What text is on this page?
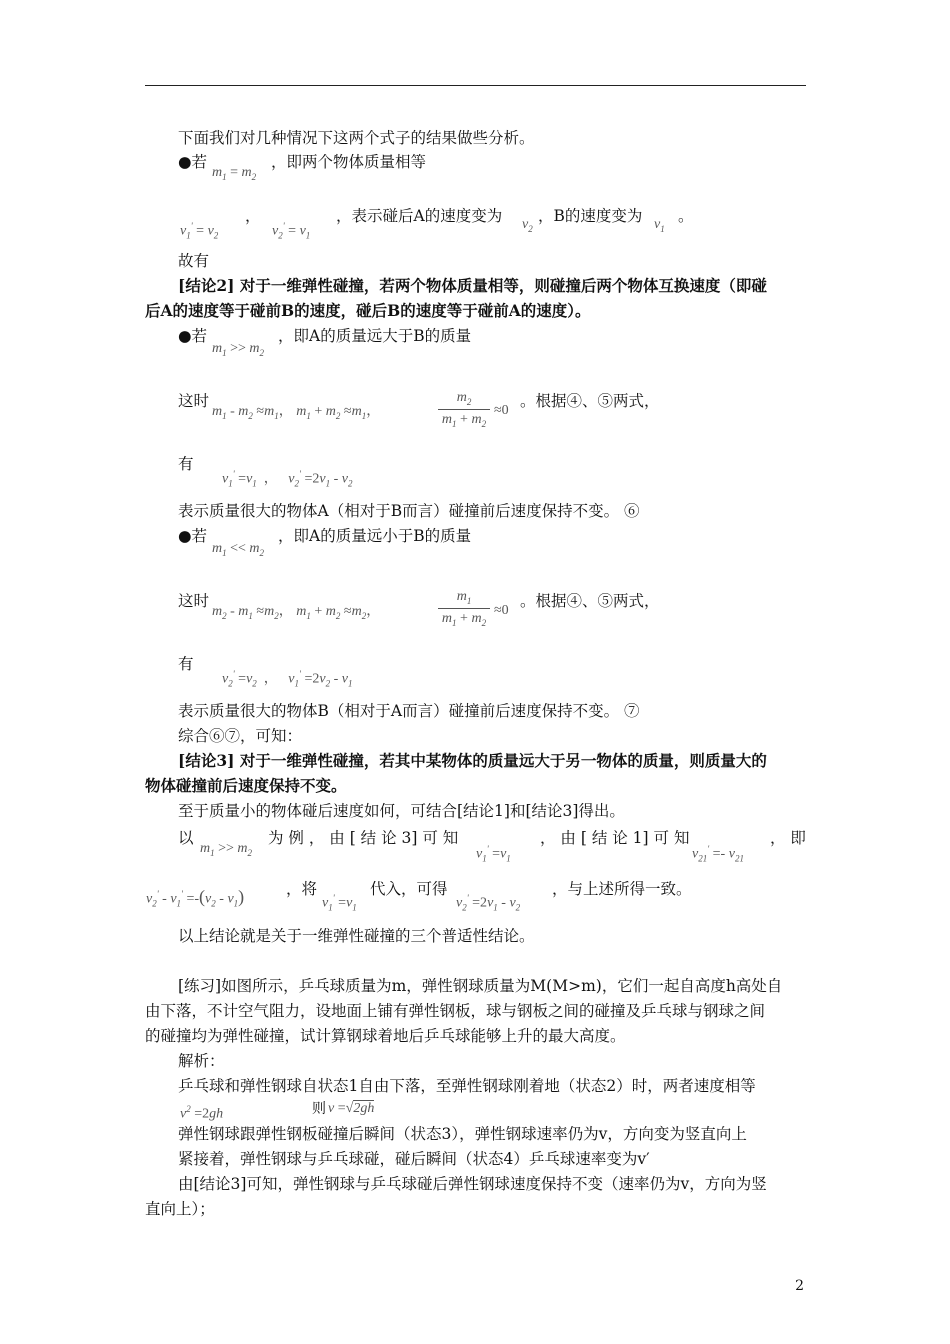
下面我们对几种情况下这两个式子的结果做些分析。
●若
$m_1 = m_2$
，即两个物体质量相等
$v_1' = v_2$
，
$v_2' = v_1$
，表示碰后A的速度变为 $v_2$
，B的速度变为 $v_1$
。
故有
[结论2] 对于一维弹性碰撞，若两个物体质量相等，则碰撞后两个物体互换速度（即碰
后A的速度等于碰前B的速度，碰后B的速度等于碰前A的速度）。
●若
$m_1 >> m_2$
，即A的质量远大于B的质量
这时
$m_1 - m_2 \approx m_1$， $m_1 + m_2 \approx m_1$，
$m_2$
$m_1 + m_2$
≈0
。根据④、⑤两式，
有
$v_1' =v_1$  ，   $v_2' =2v_1 - v_2$
表示质量很大的物体A（相对于B而言）碰撞前后速度保持不变。 ⑥
●若
$m_1 << m_2$
，即A的质量远小于B的质量
这时
$m_2 - m_1 \approx m_2$， $m_1 + m_2 \approx m_2$，
$m_1$
$m_1 + m_2$
≈0
。根据④、⑤两式，
有
$v_2' =v_2$  ，   $v_1' =2v_2 - v_1$
表示质量很大的物体B（相对于A而言）碰撞前后速度保持不变。 ⑦
综合⑥⑦，可知：
[结论3] 对于一维弹性碰撞，若其中某物体的质量远大于另一物体的质量，则质量大的
物体碰撞前后速度保持不变。
至于质量小的物体碰后速度如何，可结合[结论1]和[结论3]得出。
以
$m_1 >> m_2$
为 例 ， 由 [ 结 论 3] 可 知
$v_1' =v_1$
， 由 [ 结 论 1] 可 知
$v_{21}' =- v_{21}$
， 即
$v_2' - v_1' =-(v_2 - v_1)$	，将
$v_1' =v_1$
代入，可得
$v_2' =2v_1 - v_2$
，与上述所得一致。
以上结论就是关于一维弹性碰撞的三个普适性结论。
[练习]如图所示，乒乓球质量为m，弹性钢球质量为M(M>m)，它们一起自高度h高处自
由下落，不计空气阻力，设地面上铺有弹性钢板，球与钢板之间的碰撞及乒乓球与钢球之间
的碰撞均为弹性碰撞，试计算钢球着地后乒乓球能够上升的最大高度。
解析：
乒乓球和弹性钢球自状态1自由下落，至弹性钢球刚着地（状态2）时，两者速度相等
$v^2 =2gh$	则 v =√2gh
弹性钢球跟弹性钢板碰撞后瞬间（状态3），弹性钢球速率仍为v，方向变为竖直向上
紧接着，弹性钢球与乒乓球碰，碰后瞬间（状态4）乒乓球速率变为v′
由[结论3]可知，弹性钢球与乒乓球碰后弹性钢球速度保持不变（速率仍为v，方向为竖
直向上）；
2
